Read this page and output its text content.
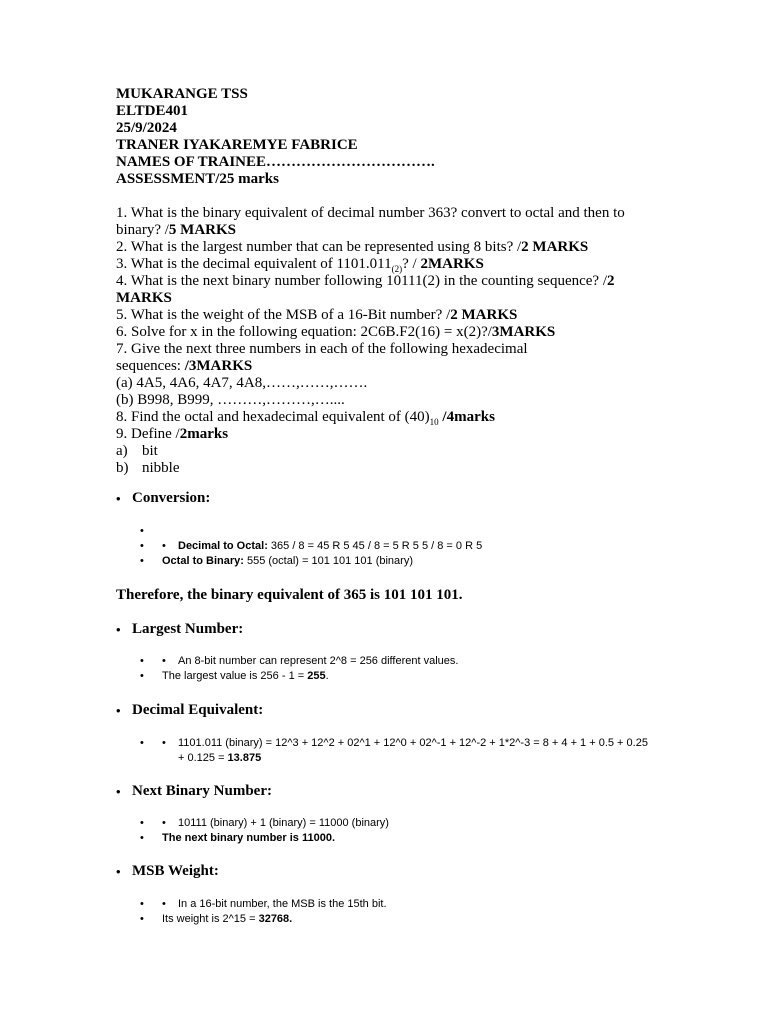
MUKARANGE TSS
ELTDE401
25/9/2024
TRANER IYAKAREMYE FABRICE
NAMES OF TRAINEE…………………………….
ASSESSMENT/25 marks
1. What is the binary equivalent of decimal number 363? convert to octal and then to binary? /5 MARKS
2. What is the largest number that can be represented using 8 bits? /2 MARKS
3. What is the decimal equivalent of $1101.011_{(2)}$? / 2MARKS
4. What is the next binary number following 10111(2) in the counting sequence? /2 MARKS
5. What is the weight of the MSB of a 16-Bit number? /2 MARKS
6. Solve for x in the following equation: 2C6B.F2(16) = x(2)?/3MARKS
7. Give the next three numbers in each of the following hexadecimal sequences: /3MARKS
(a) 4A5, 4A6, 4A7, 4A8,……,……,…….
(b) B998, B999, ………,………,…....
8. Find the octal and hexadecimal equivalent of $(40)_{10}$ /4marks
9. Define /2marks
a) bit
b) nibble
• Conversion:
•
• •	Decimal to Octal: 365 / 8 = 45 R 5 45 / 8 = 5 R 5 5 / 8 = 0 R 5
• Octal to Binary: 555 (octal) = 101 101 101 (binary)
Therefore, the binary equivalent of 365 is 101 101 101.
• Largest Number:
• •	An 8-bit number can represent 2^8 = 256 different values.
• The largest value is 256 - 1 = 255.
• Decimal Equivalent:
• •	1101.011 (binary) = 12^3 + 12^2 + 02^1 + 12^0 + 02^-1 + 12^-2 + 1*2^-3 = 8 + 4 + 1 + 0.5 + 0.25 + 0.125 = 13.875
• Next Binary Number:
• •	10111 (binary) + 1 (binary) = 11000 (binary)
• The next binary number is 11000.
• MSB Weight:
• •	In a 16-bit number, the MSB is the 15th bit.
• Its weight is 2^15 = 32768.
